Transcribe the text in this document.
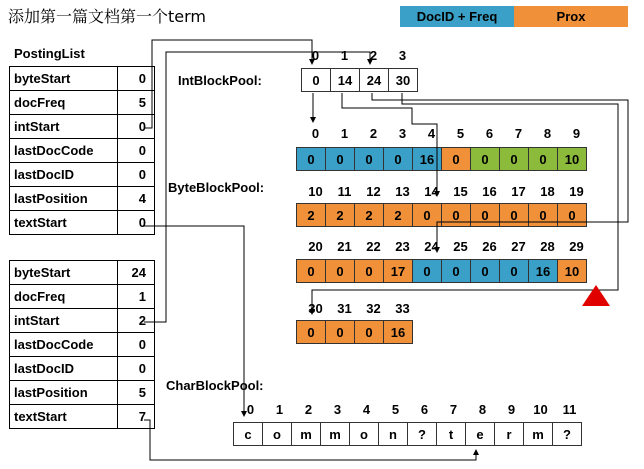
添加第一篇文档第一个term	DocID + Freq	Prox
PostingList
IntBlockPool:
ByteBlockPool:
CharBlockPool:
byteStart	0
docFreq	5
intStart	0
lastDocCode	0
lastDocID	0
lastPosition	4
textStart	0
byteStart	24
docFreq	1
intStart	2
lastDocCode	0
lastDocID	0
lastPosition	5
textStart	7
0	1	2	3
0	14	24	30
0	1	2	3	4	5	6	7	8	9
0	0	0	0	16	0	0	0	0	10
10	11	12	13	14	15	16	17	18	19
2	2	2	2	0	0	0	0	0	0
20	21	22	23	24	25	26	27	28	29
0	0	0	17	0	0	0	0	16	10
30	31	32	33
0	0	0	16
0	1	2	3	4	5	6	7	8	9	10	11
c	o	m	m	o	n	?	t	e	r	m	?
